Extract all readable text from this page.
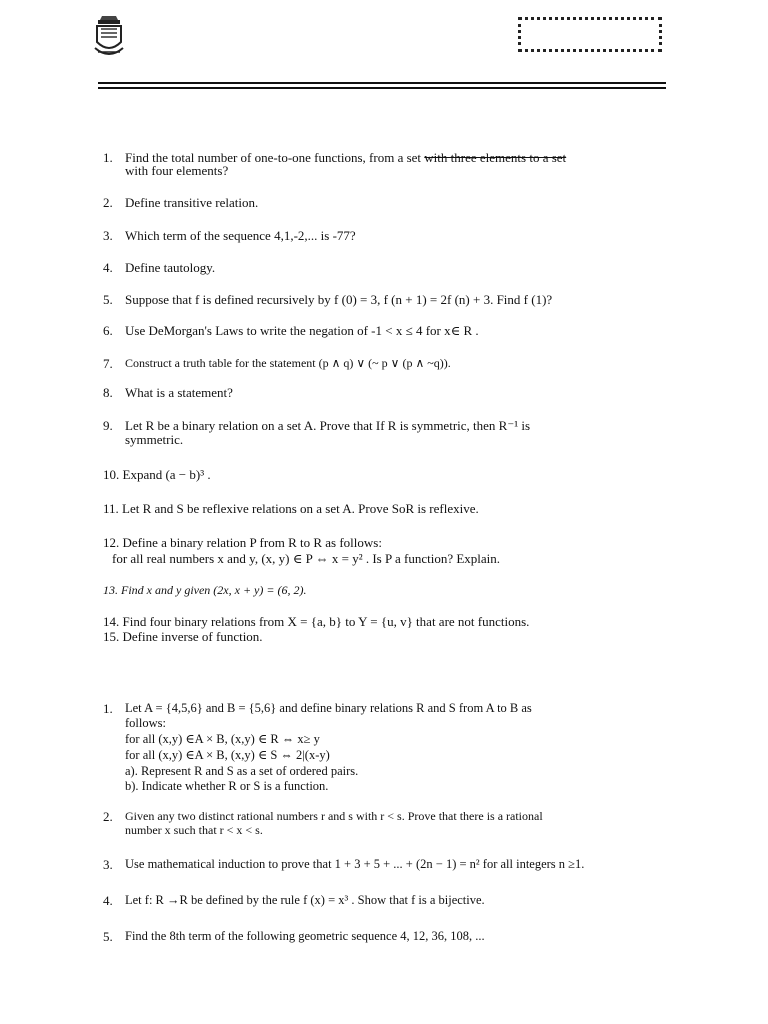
1. Find the total number of one-to-one functions, from a set with three elements to a set
with four elements?
2. Define transitive relation.
3. Which term of the sequence 4,1,-2,... is -77?
4. Define tautology.
5. Suppose that f is defined recursively by f (0) = 3, f (n + 1) = 2f (n) + 3. Find f (1)?
6. Use DeMorgan's Laws to write the negation of -1 < x ≤ 4 for x∈ R .
7. Construct a truth table for the statement (p ∧ q) ∨ (~ p ∨ (p ∧ ~q)).
8. What is a statement?
9. Let R be a binary relation on a set A. Prove that If R is symmetric, then R⁻¹ is
symmetric.
10. Expand (a − b)³ .
11. Let R and S be reflexive relations on a set A. Prove SoR is reflexive.
12. Define a binary relation P from R to R as follows:
for all real numbers x and y, (x, y) ∈ P ⇔ x = y² . Is P a function? Explain.
13. Find x and y given (2x, x + y) = (6, 2).
14. Find four binary relations from X = {a, b} to Y = {u, v} that are not functions.
15. Define inverse of function.
1. Let A = {4,5,6} and B = {5,6} and define binary relations R and S from A to B as
follows:
for all (x,y) ∈A × B, (x,y) ∈ R ⇔ x≥ y
for all (x,y) ∈A × B, (x,y) ∈ S ⇔ 2|(x-y)
a). Represent R and S as a set of ordered pairs.
b). Indicate whether R or S is a function.
2. Given any two distinct rational numbers r and s with r < s. Prove that there is a rational
number x such that r < x < s.
3. Use mathematical induction to prove that 1 + 3 + 5 + ... + (2n − 1) = n² for all integers n ≥1.
4. Let f: R →R be defined by the rule f (x) = x³ . Show that f is a bijective.
5. Find the 8th term of the following geometric sequence 4, 12, 36, 108, ...
